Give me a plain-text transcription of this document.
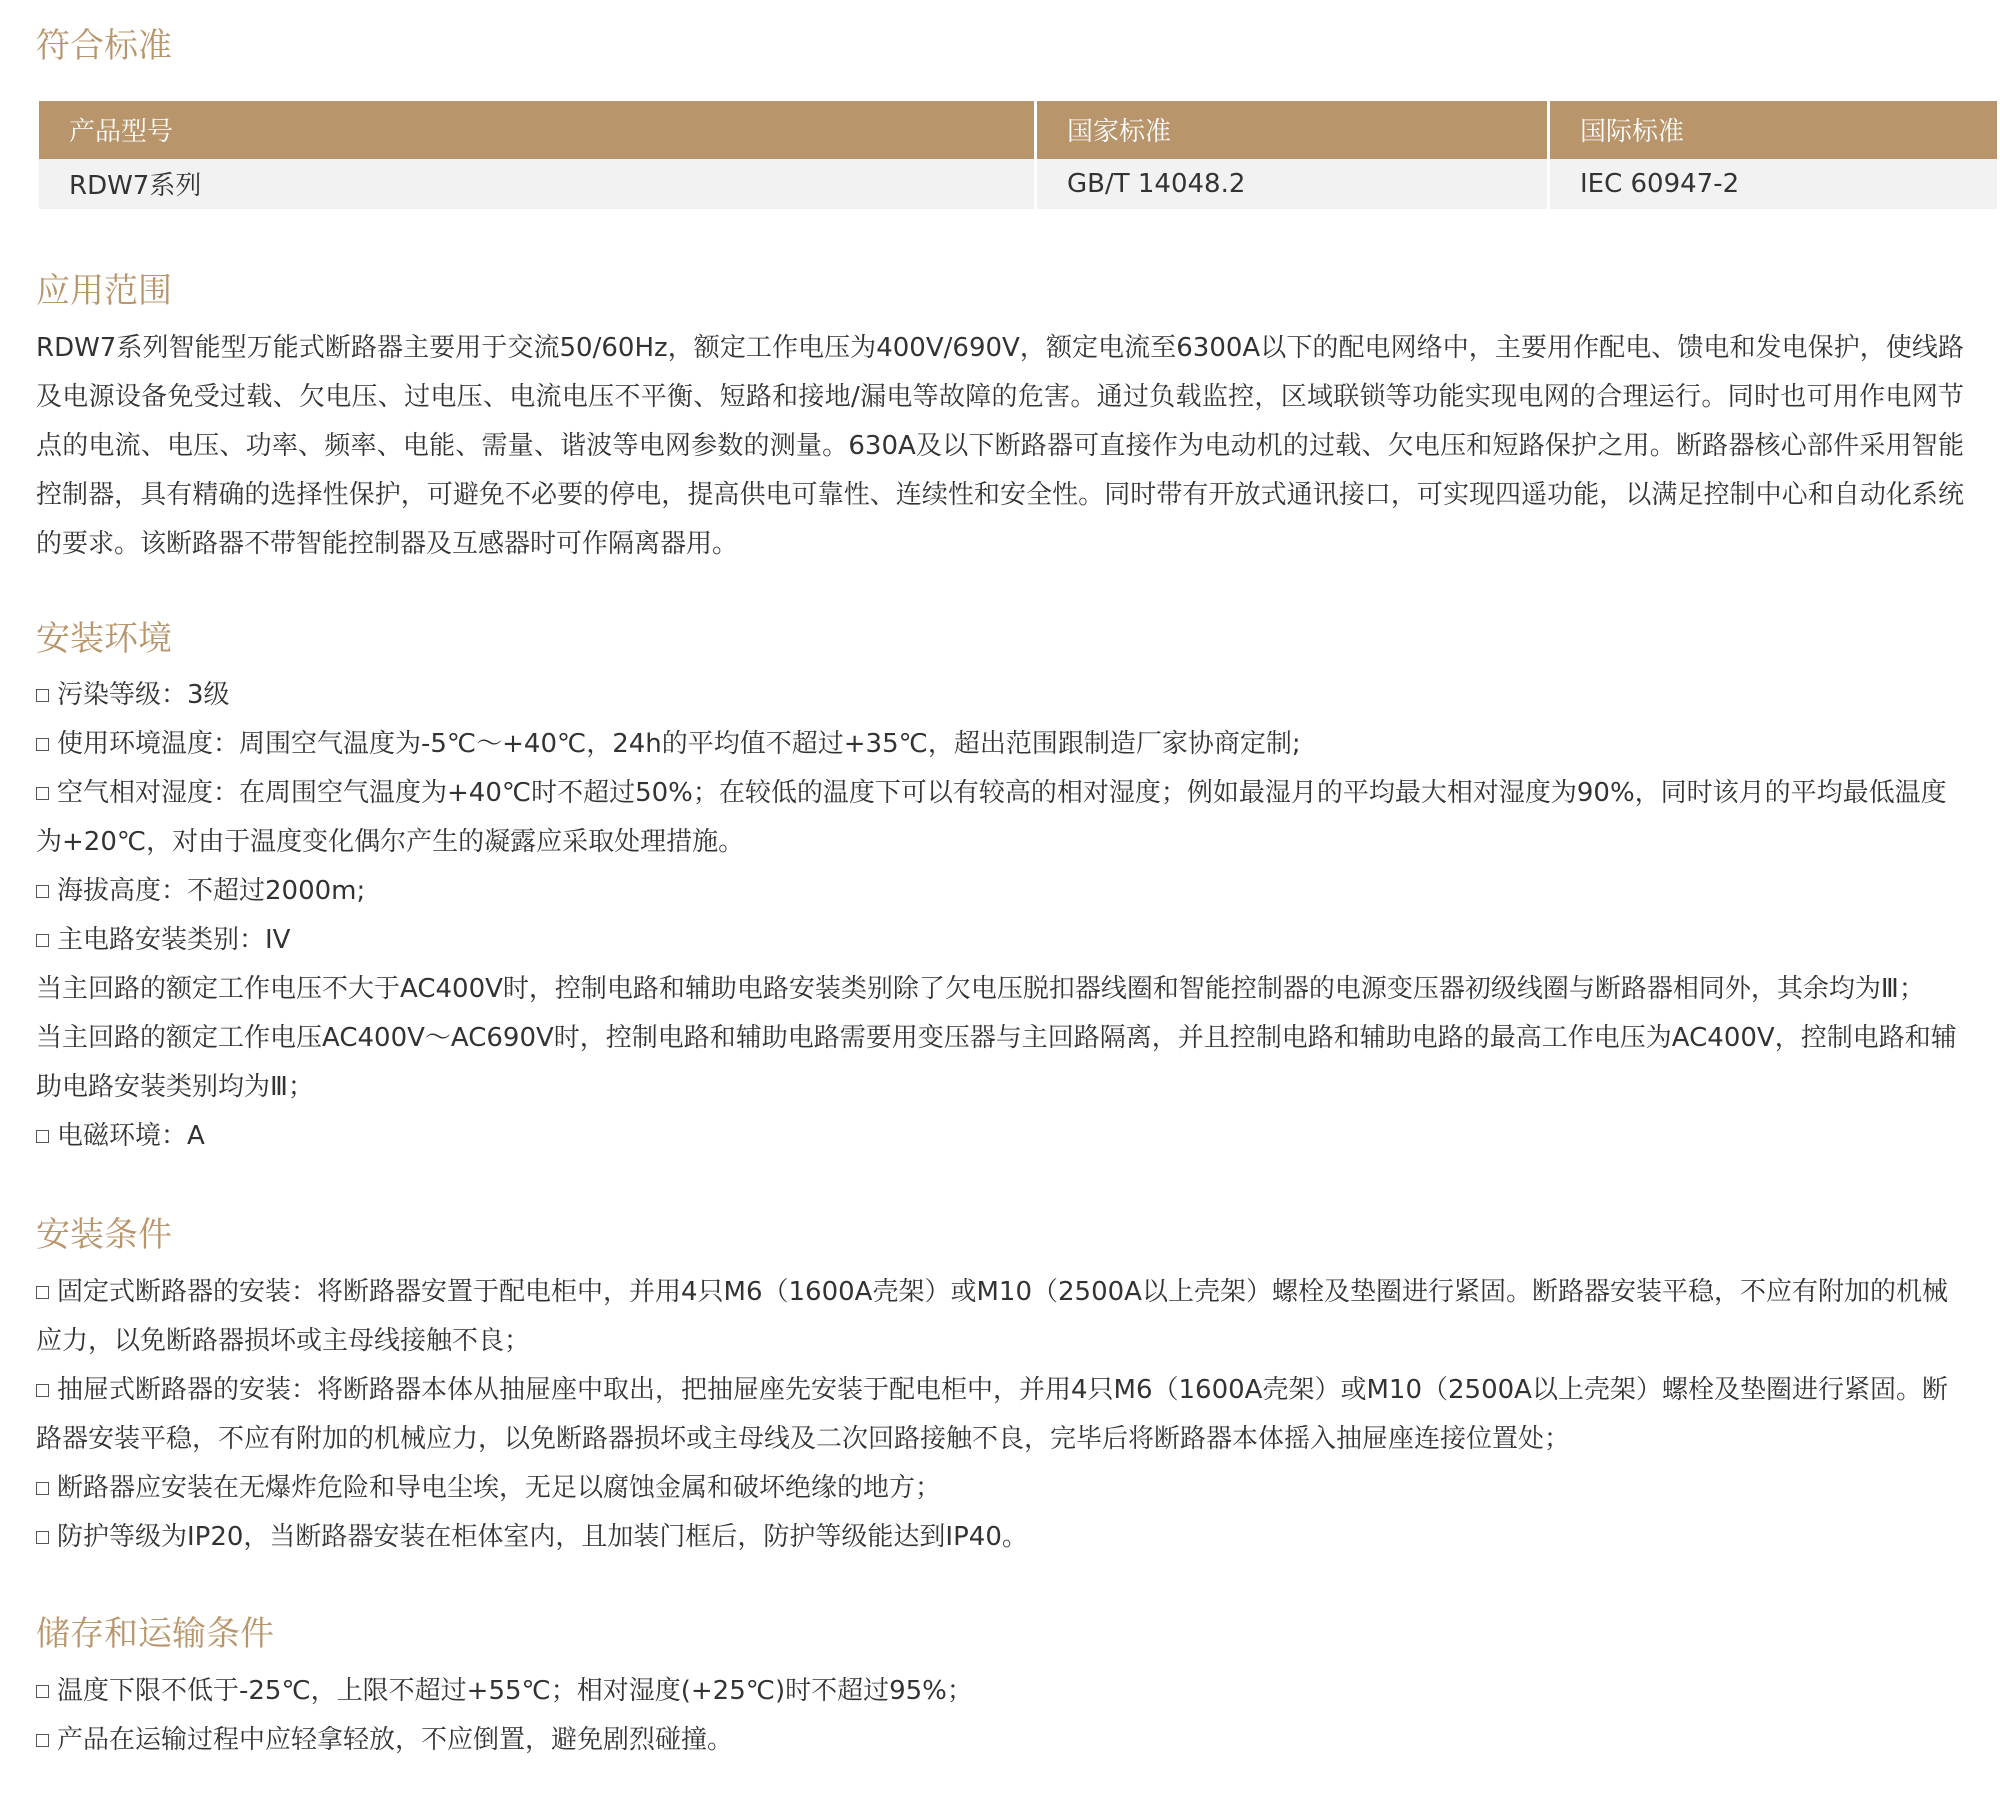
符合标准
产品型号	国家标准	国际标准
RDW7系列	GB/T 14048.2	IEC 60947-2
应用范围

RDW7系列智能型万能式断路器主要用于交流50/60Hz，额定工作电压为400V/690V，额定电流至6300A以下的配电网络中，主要用作配电、馈电和发电保护，使线路及电源设备免受过载、欠电压、过电压、电流电压不平衡、短路和接地/漏电等故障的危害。通过负载监控，区域联锁等功能实现电网的合理运行。同时也可用作电网节点的电流、电压、功率、频率、电能、需量、谐波等电网参数的测量。630A及以下断路器可直接作为电动机的过载、欠电压和短路保护之用。断路器核心部件采用智能控制器，具有精确的选择性保护，可避免不必要的停电，提高供电可靠性、连续性和安全性。同时带有开放式通讯接口，可实现四遥功能，以满足控制中心和自动化系统的要求。该断路器不带智能控制器及互感器时可作隔离器用。

安装环境

污染等级：3级

使用环境温度：周围空气温度为-5℃～+40℃，24h的平均值不超过+35℃，超出范围跟制造厂家协商定制;

空气相对湿度：在周围空气温度为+40℃时不超过50%；在较低的温度下可以有较高的相对湿度；例如最湿月的平均最大相对湿度为90%，同时该月的平均最低温度为+20℃，对由于温度变化偶尔产生的凝露应采取处理措施。

海拔高度：不超过2000m;

主电路安装类别：IV

当主回路的额定工作电压不大于AC400V时，控制电路和辅助电路安装类别除了欠电压脱扣器线圈和智能控制器的电源变压器初级线圈与断路器相同外，其余均为Ⅲ；

当主回路的额定工作电压AC400V～AC690V时，控制电路和辅助电路需要用变压器与主回路隔离，并且控制电路和辅助电路的最高工作电压为AC400V，控制电路和辅助电路安装类别均为Ⅲ；

电磁环境：A

安装条件

固定式断路器的安装：将断路器安置于配电柜中，并用4只M6（1600A壳架）或M10（2500A以上壳架）螺栓及垫圈进行紧固。断路器安装平稳，不应有附加的机械应力，以免断路器损坏或主母线接触不良；

抽屉式断路器的安装：将断路器本体从抽屉座中取出，把抽屉座先安装于配电柜中，并用4只M6（1600A壳架）或M10（2500A以上壳架）螺栓及垫圈进行紧固。断路器安装平稳，不应有附加的机械应力，以免断路器损坏或主母线及二次回路接触不良，完毕后将断路器本体摇入抽屉座连接位置处；

断路器应安装在无爆炸危险和导电尘埃，无足以腐蚀金属和破坏绝缘的地方；

防护等级为IP20，当断路器安装在柜体室内，且加装门框后，防护等级能达到IP40。

储存和运输条件

温度下限不低于-25℃，上限不超过+55℃；相对湿度(+25℃)时不超过95%；

产品在运输过程中应轻拿轻放，不应倒置，避免剧烈碰撞。
